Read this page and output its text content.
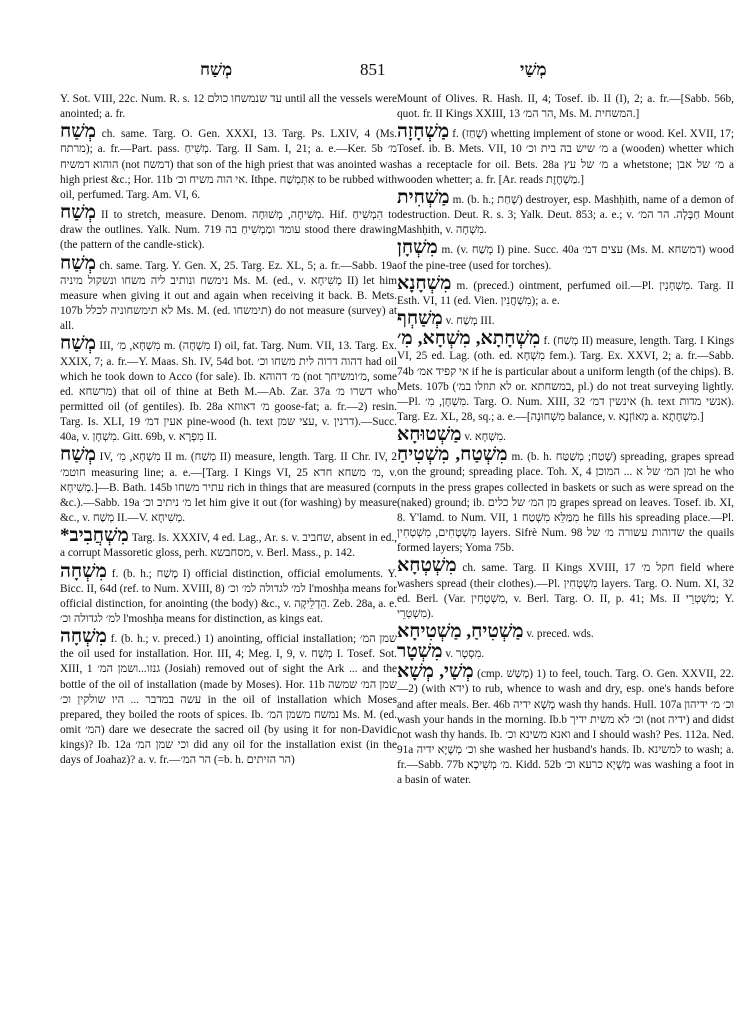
מְשַׁח	851	מְשַׁי

Y. Sot. VIII, 22c. Num. R. s. 12 עד שנמשחו כולם until all the vessels were anointed; a. fr.

מְשַׁח ch. same. Targ. O. Gen. XXXI, 13. Targ. Ps. LXIV, 4 (Ms. מרתח); a. fr.—Part. pass. מְשִׁיחַ. Targ. II Sam. I, 21; a. e.—Ker. 5b מ׳ הוהוא דמשיח (not דמשח) that son of the high priest that was anointed was high priest &c.; Hor. 11b אי הוה משיח וכ׳. Ithpe. אִתְמְשַׁח to be rubbed with oil, perfumed. Targ. Am. VI, 6.

מְשַׁח II to stretch, measure. Denom. מְשִׁיחָה, מְשׁוּחָה. Hif. הִמְשִׁיחַ to draw the outlines. Yalk. Num. 719 עומד ומַמְשִׁיחַ בה stood there drawing (the pattern of the candle-stick).

מְשַׁח ch. same. Targ. Y. Gen. X, 25. Targ. Ez. XL, 5; a. fr.—Sabb. 19a נימשח ונותיב ליה משחו ונשקול מיניה Ms. M. (ed., v. מְשִׁיחָא II) let him measure when giving it out and again when receiving it back. B. Mets. 107b לא תימשחוניה לכלל Ms. M. (ed. תימשחו) do not measure (survey) at all.

מְשַׁח III, מִשְׁחָא, מִ׳ m. (מִשְׁחָה I) oil, fat. Targ. Num. VII, 13. Targ. Ex. XXIX, 7; a. fr.—Y. Maas. Sh. IV, 54d bot. דהוה דרוה לית משחו וכ׳ had oil which he took down to Acco (for sale). Ib. מ׳ דהוהא (not מ׳ומשיחך, some ed. מרשחא) that oil of thine at Beth M.—Ab. Zar. 37a דשרו מ׳ who permitted oil (of gentiles). Ib. 28a מ׳ דאווזא goose-fat; a. fr.—2) resin. Targ. Is. XLI, 19 אעין דמ׳ pine-wood (h. text עצי שמן, v. דרנין).—Succ. 40a, v. מִשְׁחָן. Gitt. 69b, v. מִפְרָא II.

מְשַׁח IV, מִשְׁחָא, מִ׳ II m. (מְשַׁח II) measure, length. Targ. II Chr. IV, 2 חוטמ׳ measuring line; a. e.—[Targ. I Kings VI, 25 מ׳ משחא חדא, v. מְשִׁיחָא.]—B. Bath. 145b עתיר משחו rich in things that are measured (corn &c.).—Sabb. 19a מ׳ ניתיב וכ׳ let him give it out (for washing) by measure &c., v. מְשַׁח II.—V. מְשִׁיחָא.

*מִשְׁחֲבִיב Targ. Is. XXXIV, 4 ed. Lag., Ar. s. v. שחביב, absent in ed., a corrupt Massoretic gloss, perh. מסחבשא, v. Berl. Mass., p. 142.

מִשְׁחָה f. (b. h.; מָשַׁח I) official distinction, official emoluments. Y. Bicc. II, 64d (ref. to Num. XVIII, 8) למ׳ לגדולה למ׳ וכ׳ l'moshḥa means for official distinction, for anointing (the body) &c., v. הֵדְלֵיקָה. Zeb. 28a, a. e. למ׳ לגדולה וכ׳ l'moshḥa means for distinction, as kings eat.

מִשְׁחָה f. (b. h.; v. preced.) 1) anointing, official installation; שמן המ׳ the oil used for installation. Hor. III, 4; Meg. I, 9, v. מְשַׁח I. Tosef. Sot. XIII, 1 גנזו...ושמן המ׳ (Josiah) removed out of sight the Ark ... and the bottle of the oil of installation (made by Moses). Hor. 11b שמן המ׳ שמשה עשה במדבר ... היו שולקין וכ׳ in the oil of installation which Moses prepared, they boiled the roots of spices. Ib. נמשח משמן המ׳ Ms. M. (ed. omit המ׳) dare we desecrate the sacred oil (by using it for non-Davidic kings)? Ib. 12a וכי שמן המ׳ did any oil for the installation exist (in the days of Joahaz)? a. v. fr.—הר המ׳ (=b. h. הר הזיתים)

Mount of Olives. R. Hash. II, 4; Tosef. ib. II (I), 2; a. fr.—[Sabb. 56b, quot. fr. II Kings XXIII, 13 הר המ׳, Ms. M. המשחית.]

מַשְׁחָזָה f. (שָׁחַז) whetting implement of stone or wood. Kel. XVII, 17; Tosef. ib. B. Mets. VII, 10 מ׳ שיש בה בית וכ׳ a (wooden) whetter which has a receptacle for oil. Bets. 28a מ׳ של עץ a whetstone; מ׳ של אבן a wooden whetter; a. fr. [Ar. reads מַשְׁחֶזֶת.]

מַשְׁחִית m. (b. h.; שָׁחַת) destroyer, esp. Mashḥith, name of a demon of destruction. Deut. R. s. 3; Yalk. Deut. 853; a. e.; v. חַבָּלָה. הר המ׳ Mount Mashḥith, v. מִשְׁחָה.

מִשְׁחָן m. (v. מְשַׁח I) pine. Succ. 40a עצים דמ׳ (Ms. M. דמשחא) wood of the pine-tree (used for torches).

מִשְׁחָנָא m. (preced.) ointment, perfumed oil.—Pl. מִשְׁחָנִין. Targ. II Esth. VI, 11 (ed. Vien. מִשְׁחֲנִין); a. e.

מְשַׁחְף v. מְשַׁח III.

מִשְׁחָתָא, מִשְׁחָא, מִ׳ f. (מְשַׁח II) measure, length. Targ. I Kings VI, 25 ed. Lag. (oth. ed. מִשְׁחָא fem.). Targ. Ex. XXVI, 2; a. fr.—Sabb. 74b אי קפיד אמ׳ if he is particular about a uniform length (of the chips). B. Mets. 107b (לא תוזלו במ׳ or. במשחתא, pl.) do not treat surveying lightly.—Pl. מִשְׁחָן, מִ׳. Targ. O. Num. XIII, 32 אינשין דמ׳ (h. text אנשי מדות). Targ. Ez. XL, 28, sq.; a. e.—[מִשְׁחוּנָה balance, v. מְאוֹזְנָא a. מִשְׁחָתָא.]

מַשְׁטוּחָא v. מִשְׁחָא.

מִשְׁטַח, מִשְׁטִיחַ m. (b. h. שָׁטַח; מְשַׁטַּח) spreading, grapes spread on the ground; spreading place. Toh. X, 4 ומן המ׳ של א ... המוכן he who puts in the press grapes collected in baskets or such as were spread on the (naked) ground; ib. מן המ׳ של כלים grapes spread on leaves. Tosef. ib. XI, 8. Y'lamd. to Num. VII, 1 מִמַּלֵּא מִשְׁטַח he fills his spreading place.—Pl. מִשְׁטָחִים, מִשְׁטְחִין layers. Sifrè Num. 98 שדוהות עשורה מ׳ של the quails formed layers; Yoma 75b.

מִשְׁטְחָא ch. same. Targ. II Kings XVIII, 17 חקל מ׳ field where washers spread (their clothes).—Pl. מִשְׁטְחִין layers. Targ. O. Num. XI, 32 ed. Berl. (Var. מִשְׁטָחִין, v. Berl. Targ. O. II, p. 41; Ms. II מַשְׁטְרֵי; Y. מִשְׁטְרֵי).

מַשְׁטִיחַ, מַשְׁטִיחָא v. preced. wds.

מִשְׁטָר v. מִסְטָר.

מְשַׁי, מְשָׁא (cmp. מָשַׁשׁ) 1) to feel, touch. Targ. O. Gen. XXVII, 22.—2) (with ידא) to rub, whence to wash and dry, esp. one's hands before and after meals. Ber. 46b מְשָׁא ידיה wash thy hands. Hull. 107a וכ׳ מ׳ ידיהון wash your hands in the morning. Ib.b וכ׳ לא משית ידיך (not ידיה) and didst not wash thy hands. Ib. ואנא משינא וכ׳ and I should wash? Pes. 112a. Ned. 91a וכ׳ מְשָׁיָא ידיה she washed her husband's hands. Ib. למשינא to wash; a. fr.—Sabb. 77b מ׳ מְשִׁיכָא. Kidd. 52b מְשָׁיָא כרעא וכ׳ was washing a foot in a basin of water.
